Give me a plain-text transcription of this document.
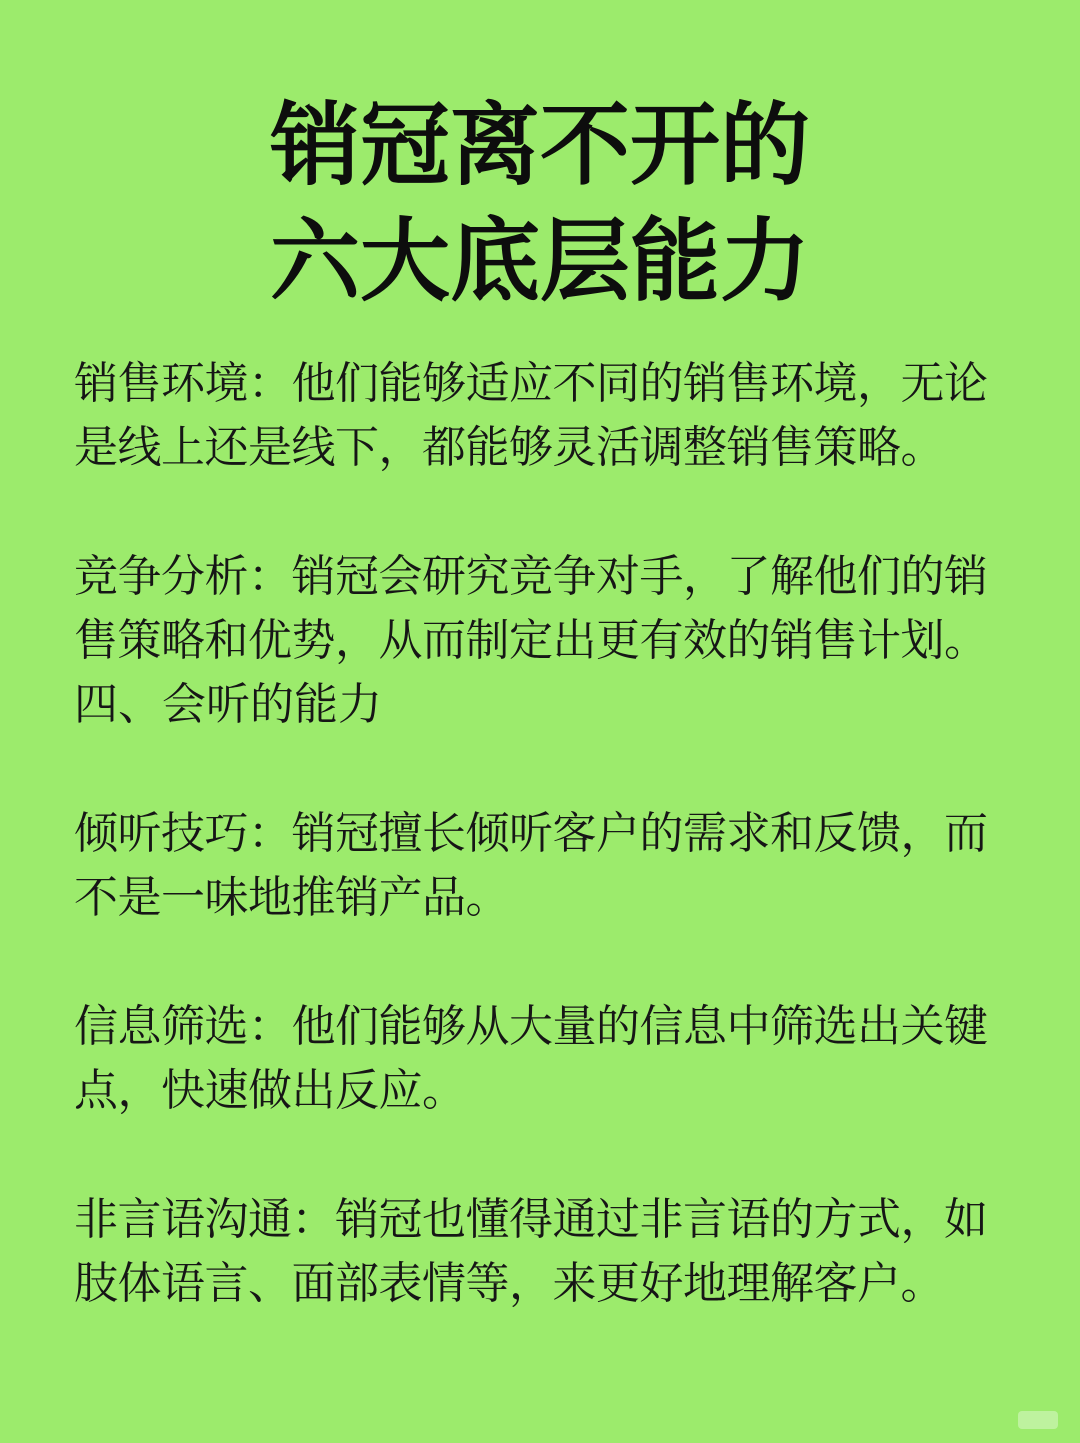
销冠离不开的
六大底层能力

销售环境：他们能够适应不同的销售环境，无论
是线上还是线下，都能够灵活调整销售策略。

竞争分析：销冠会研究竞争对手，了解他们的销
售策略和优势，从而制定出更有效的销售计划。

四、会听的能力

倾听技巧：销冠擅长倾听客户的需求和反馈，而
不是一味地推销产品。

信息筛选：他们能够从大量的信息中筛选出关键
点，快速做出反应。

非言语沟通：销冠也懂得通过非言语的方式，如
肢体语言、面部表情等，来更好地理解客户。
